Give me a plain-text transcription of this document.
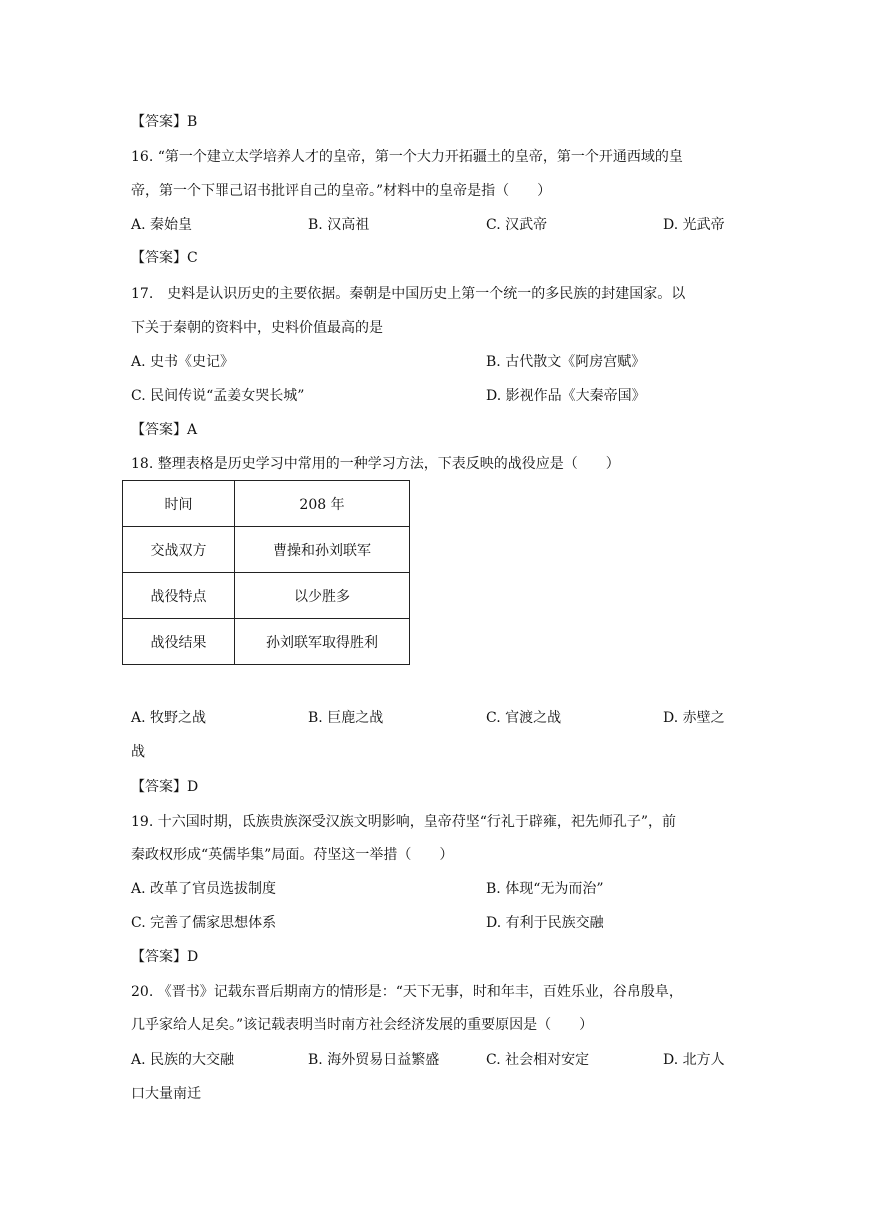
【答案】B
16. “第一个建立太学培养人才的皇帝，第一个大力开拓疆土的皇帝，第一个开通西域的皇
帝，第一个下罪己诏书批评自己的皇帝。”材料中的皇帝是指（　　）
A. 秦始皇	B. 汉高祖	C. 汉武帝	D. 光武帝
【答案】C
17.　史料是认识历史的主要依据。秦朝是中国历史上第一个统一的多民族的封建国家。以
下关于秦朝的资料中，史料价值最高的是
A. 史书《史记》	B. 古代散文《阿房宫赋》
C. 民间传说“孟姜女哭长城”	D. 影视作品《大秦帝国》
【答案】A
18. 整理表格是历史学习中常用的一种学习方法，下表反映的战役应是（　　）
时间	208 年
交战双方	曹操和孙刘联军
战役特点	以少胜多
战役结果	孙刘联军取得胜利
A. 牧野之战	B. 巨鹿之战	C. 官渡之战	D. 赤壁之
战
【答案】D
19. 十六国时期，氐族贵族深受汉族文明影响，皇帝苻坚“行礼于辟雍，祀先师孔子”，前
秦政权形成“英儒毕集”局面。苻坚这一举措（　　）
A. 改革了官员选拔制度	B. 体现“无为而治”
C. 完善了儒家思想体系	D. 有利于民族交融
【答案】D
20. 《晋书》记载东晋后期南方的情形是：“天下无事，时和年丰，百姓乐业，谷帛殷阜，
几乎家给人足矣。”该记载表明当时南方社会经济发展的重要原因是（　　）
A. 民族的大交融	B. 海外贸易日益繁盛	C. 社会相对安定	D. 北方人
口大量南迁
